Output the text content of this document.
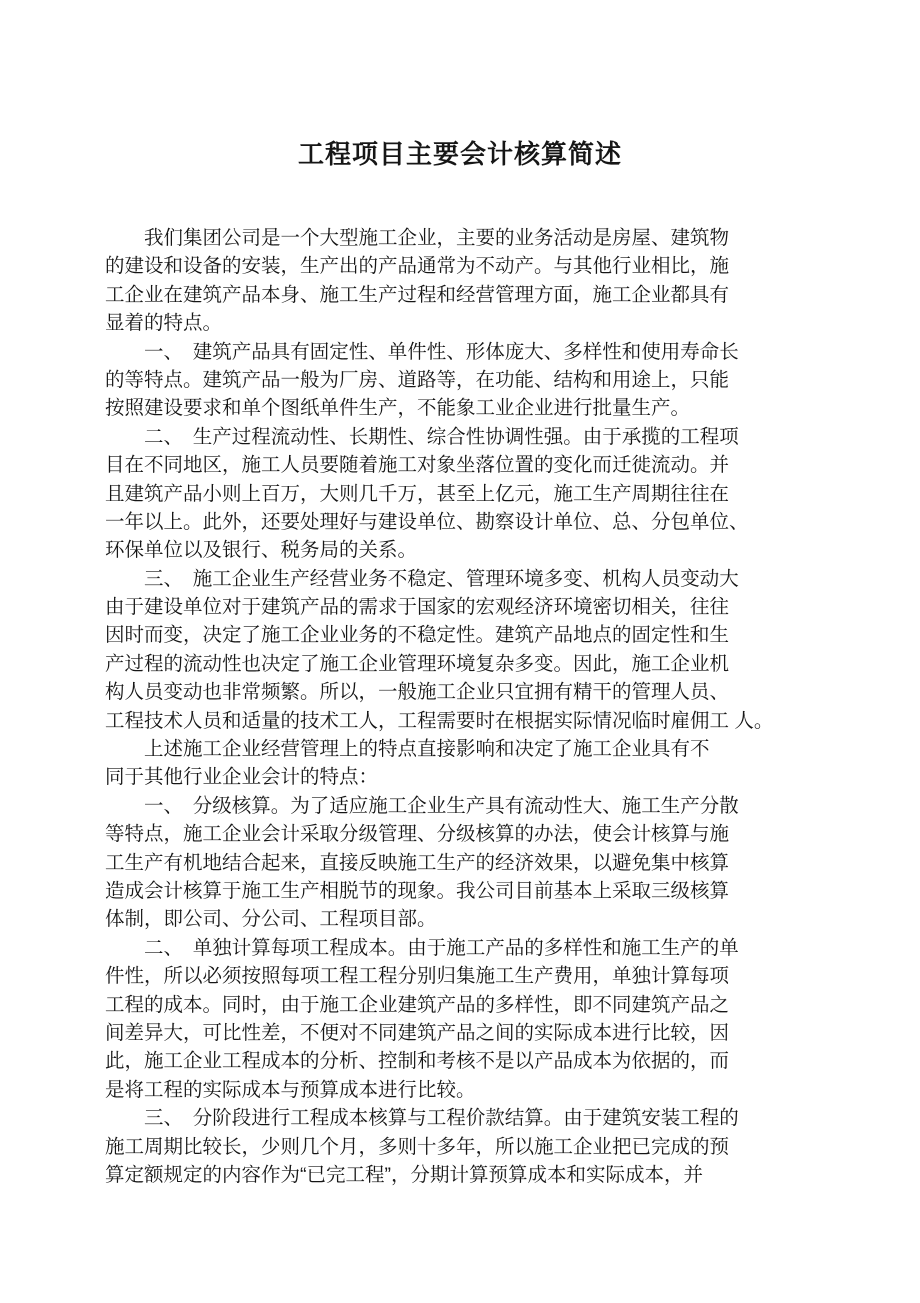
工程项目主要会计核算简述
　　我们集团公司是一个大型施工企业，主要的业务活动是房屋、建筑物
的建设和设备的安装，生产出的产品通常为不动产。与其他行业相比，施
工企业在建筑产品本身、施工生产过程和经营管理方面，施工企业都具有
显着的特点。
　　一、　建筑产品具有固定性、单件性、形体庞大、多样性和使用寿命长
的等特点。建筑产品一般为厂房、道路等，在功能、结构和用途上，只能
按照建设要求和单个图纸单件生产，不能象工业企业进行批量生产。
　　二、　生产过程流动性、长期性、综合性协调性强。由于承揽的工程项
目在不同地区，施工人员要随着施工对象坐落位置的变化而迁徙流动。并
且建筑产品小则上百万，大则几千万，甚至上亿元，施工生产周期往往在
一年以上。此外，还要处理好与建设单位、勘察设计单位、总、分包单位、
环保单位以及银行、税务局的关系。
　　三、　施工企业生产经营业务不稳定、管理环境多变、机构人员变动大
由于建设单位对于建筑产品的需求于国家的宏观经济环境密切相关，往往
因时而变，决定了施工企业业务的不稳定性。建筑产品地点的固定性和生
产过程的流动性也决定了施工企业管理环境复杂多变。因此，施工企业机
构人员变动也非常频繁。所以，一般施工企业只宜拥有精干的管理人员、
工程技术人员和适量的技术工人，工程需要时在根据实际情况临时雇佣工 人。
　　上述施工企业经营管理上的特点直接影响和决定了施工企业具有不
同于其他行业企业会计的特点：
　　一、　分级核算。为了适应施工企业生产具有流动性大、施工生产分散
等特点，施工企业会计采取分级管理、分级核算的办法，使会计核算与施
工生产有机地结合起来，直接反映施工生产的经济效果，以避免集中核算
造成会计核算于施工生产相脱节的现象。我公司目前基本上采取三级核算
体制，即公司、分公司、工程项目部。
　　二、　单独计算每项工程成本。由于施工产品的多样性和施工生产的单
件性，所以必须按照每项工程工程分别归集施工生产费用，单独计算每项
工程的成本。同时，由于施工企业建筑产品的多样性，即不同建筑产品之
间差异大，可比性差，不便对不同建筑产品之间的实际成本进行比较，因
此，施工企业工程成本的分析、控制和考核不是以产品成本为依据的，而
是将工程的实际成本与预算成本进行比较。
　　三、　分阶段进行工程成本核算与工程价款结算。由于建筑安装工程的
施工周期比较长，少则几个月，多则十多年，所以施工企业把已完成的预
算定额规定的内容作为“已完工程”，分期计算预算成本和实际成本，并
